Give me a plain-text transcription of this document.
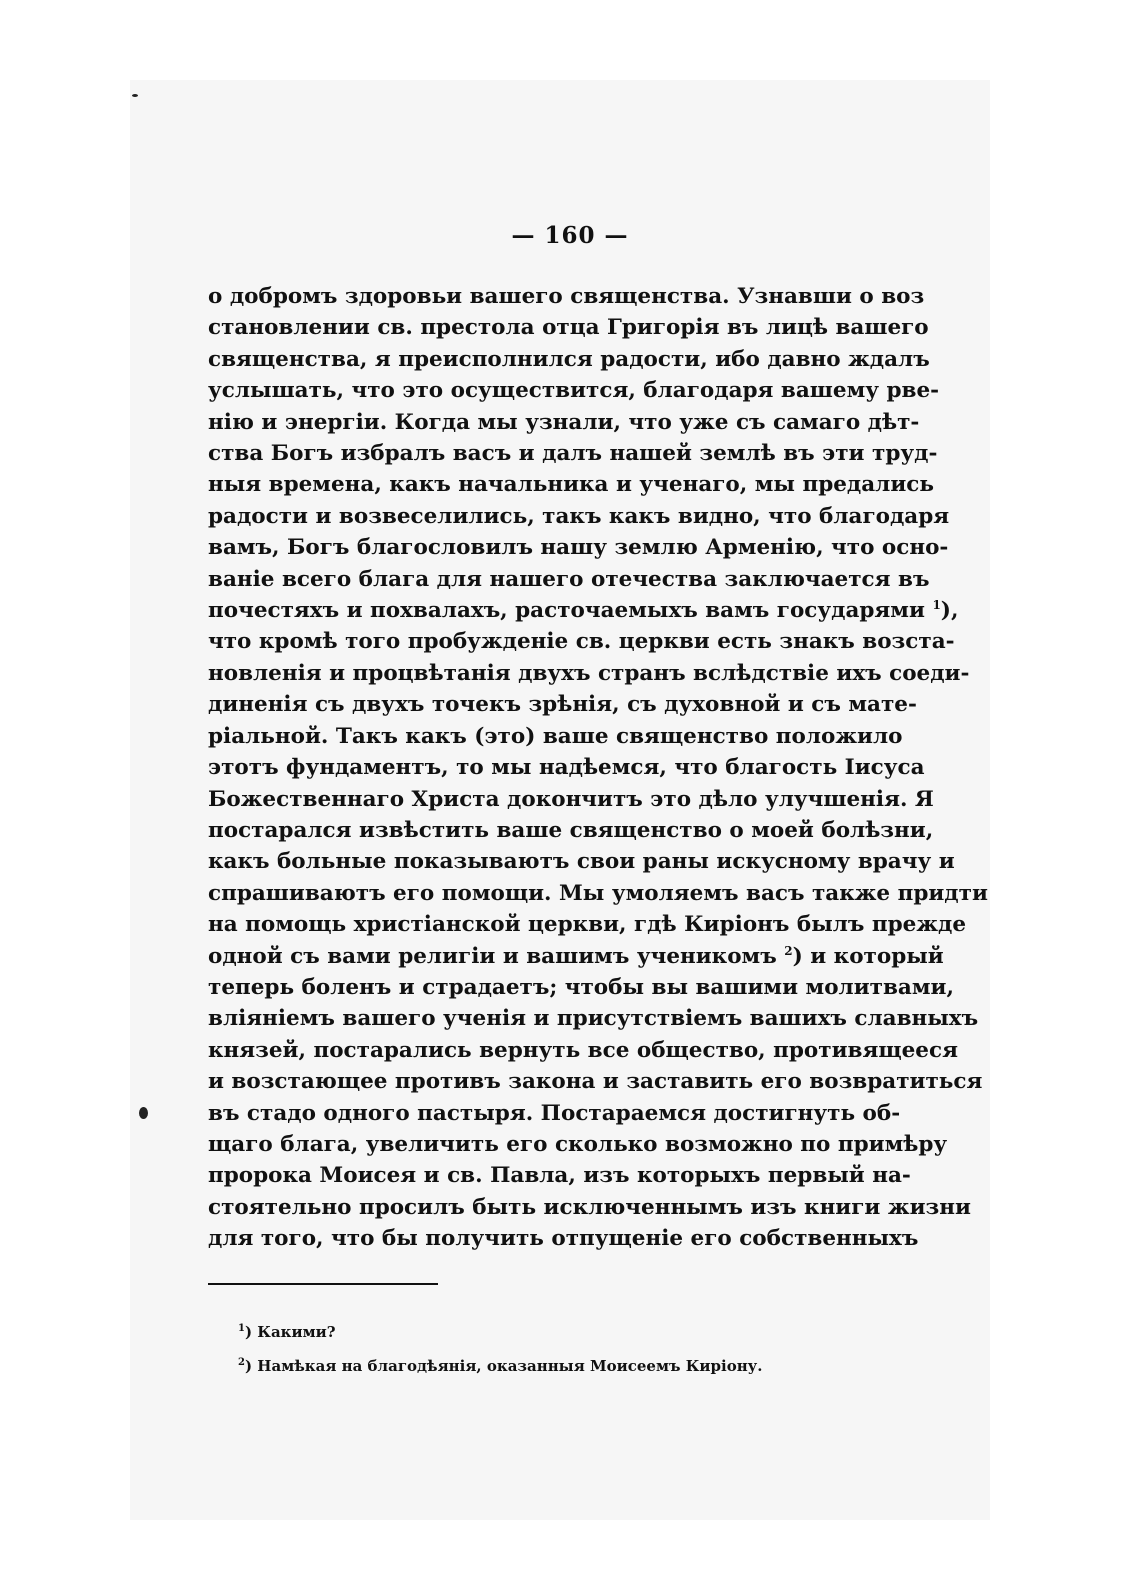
— 160 —
о добромъ здоровьи вашего священства. Узнавши о воз
становлении св. престола отца Григорія въ лицѣ вашего
священства, я преисполнился радости, ибо давно ждалъ
услышать, что это осуществится, благодаря вашему рве-
нію и энергіи. Когда мы узнали, что уже съ самаго дѣт-
ства Богъ избралъ васъ и далъ нашей землѣ въ эти труд-
ныя времена, какъ начальника и ученаго, мы предались
радости и возвеселились, такъ какъ видно, что благодаря
вамъ, Богъ благословилъ нашу землю Арменію, что осно-
ваніе всего блага для нашего отечества заключается въ
почестяхъ и похвалахъ, расточаемыхъ вамъ государями $^1$),
что кромѣ того пробужденіе св. церкви есть знакъ возста-
новленія и процвѣтанія двухъ странъ вслѣдствіе ихъ соеди-
диненія съ двухъ точекъ зрѣнія, съ духовной и съ мате-
ріальной. Такъ какъ (это) ваше священство положило
этотъ фундаментъ, то мы надѣемся, что благость Іисуса
Божественнаго Христа докончитъ это дѣло улучшенія. Я
постарался извѣстить ваше священство о моей болѣзни,
какъ больные показываютъ свои раны искусному врачу и
спрашиваютъ его помощи. Мы умоляемъ васъ также придти
на помощь христіанской церкви, гдѣ Киріонъ былъ прежде
одной съ вами религіи и вашимъ ученикомъ $^2$) и который
теперь боленъ и страдаетъ; чтобы вы вашими молитвами,
вліяніемъ вашего ученія и присутствіемъ вашихъ славныхъ
князей, постарались вернуть все общество, противящееся
и возстающее противъ закона и заставить его возвратиться
въ стадо одного пастыря. Постараемся достигнуть об-
щаго блага, увеличить его сколько возможно по примѣру
пророка Моисея и св. Павла, изъ которыхъ первый на-
стоятельно просилъ быть исключеннымъ изъ книги жизни
для того, что бы получить отпущеніе его собственныхъ
$^1$) Какими?
$^2$) Намѣкая на благодѣянія, оказанныя Моисеемъ Киріону.
